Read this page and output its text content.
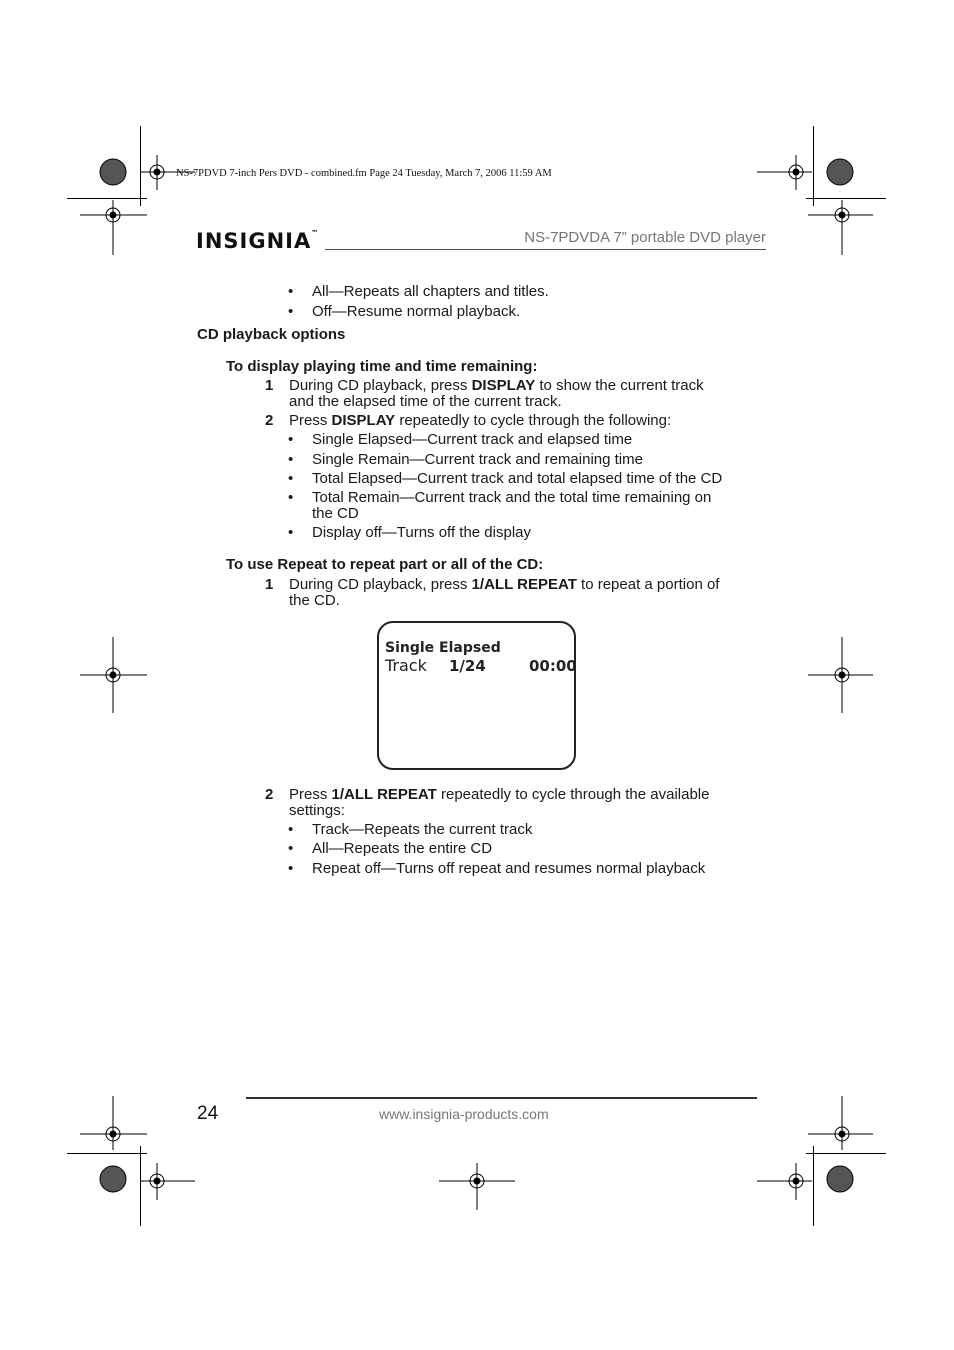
NS-7PDVD 7-inch Pers DVD - combined.fm Page 24 Tuesday, March 7, 2006 11:59 AM
INSIGNIA™	NS-7PDVDA 7” portable DVD player
• All—Repeats all chapters and titles.
• Off—Resume normal playback.
CD playback options
To display playing time and time remaining:
1 During CD playback, press DISPLAY to show the current track
and the elapsed time of the current track.
2 Press DISPLAY repeatedly to cycle through the following:
• Single Elapsed—Current track and elapsed time
• Single Remain—Current track and remaining time
• Total Elapsed—Current track and total elapsed time of the CD
• Total Remain—Current track and the total time remaining on
the CD
• Display off—Turns off the display
To use Repeat to repeat part or all of the CD:
1 During CD playback, press 1/ALL REPEAT to repeat a portion of
the CD.
Single Elapsed
Track 1/24	00:00
2 Press 1/ALL REPEAT repeatedly to cycle through the available
settings:
• Track—Repeats the current track
• All—Repeats the entire CD
• Repeat off—Turns off repeat and resumes normal playback
24	www.insignia-products.com
